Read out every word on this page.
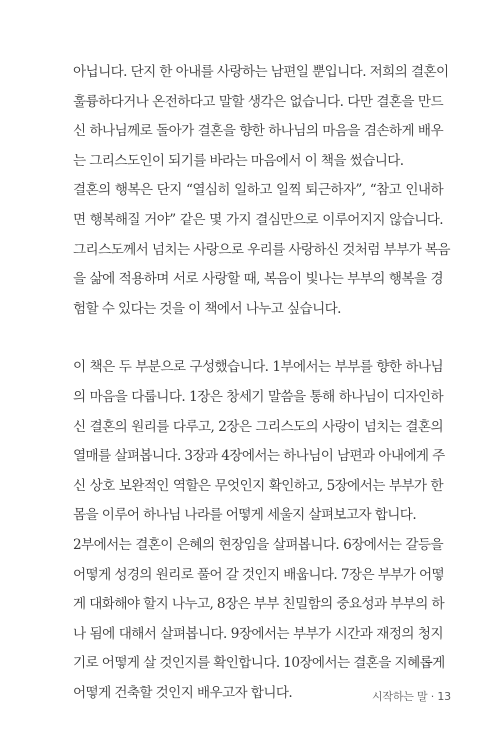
아닙니다. 단지 한 아내를 사랑하는 남편일 뿐입니다. 저희의 결혼이
훌륭하다거나 온전하다고 말할 생각은 없습니다. 다만 결혼을 만드
신 하나님께로 돌아가 결혼을 향한 하나님의 마음을 겸손하게 배우
는 그리스도인이 되기를 바라는 마음에서 이 책을 썼습니다.
결혼의 행복은 단지 “열심히 일하고 일찍 퇴근하자”, “참고 인내하
면 행복해질 거야” 같은 몇 가지 결심만으로 이루어지지 않습니다.
그리스도께서 넘치는 사랑으로 우리를 사랑하신 것처럼 부부가 복음
을 삶에 적용하며 서로 사랑할 때, 복음이 빛나는 부부의 행복을 경
험할 수 있다는 것을 이 책에서 나누고 싶습니다.
이 책은 두 부분으로 구성했습니다. 1부에서는 부부를 향한 하나님
의 마음을 다룹니다. 1장은 창세기 말씀을 통해 하나님이 디자인하
신 결혼의 원리를 다루고, 2장은 그리스도의 사랑이 넘치는 결혼의
열매를 살펴봅니다. 3장과 4장에서는 하나님이 남편과 아내에게 주
신 상호 보완적인 역할은 무엇인지 확인하고, 5장에서는 부부가 한
몸을 이루어 하나님 나라를 어떻게 세울지 살펴보고자 합니다.
2부에서는 결혼이 은혜의 현장임을 살펴봅니다. 6장에서는 갈등을
어떻게 성경의 원리로 풀어 갈 것인지 배웁니다. 7장은 부부가 어떻
게 대화해야 할지 나누고, 8장은 부부 친밀함의 중요성과 부부의 하
나 됨에 대해서 살펴봅니다. 9장에서는 부부가 시간과 재정의 청지
기로 어떻게 살 것인지를 확인합니다. 10장에서는 결혼을 지혜롭게
어떻게 건축할 것인지 배우고자 합니다.	시작하는 말 · 13
